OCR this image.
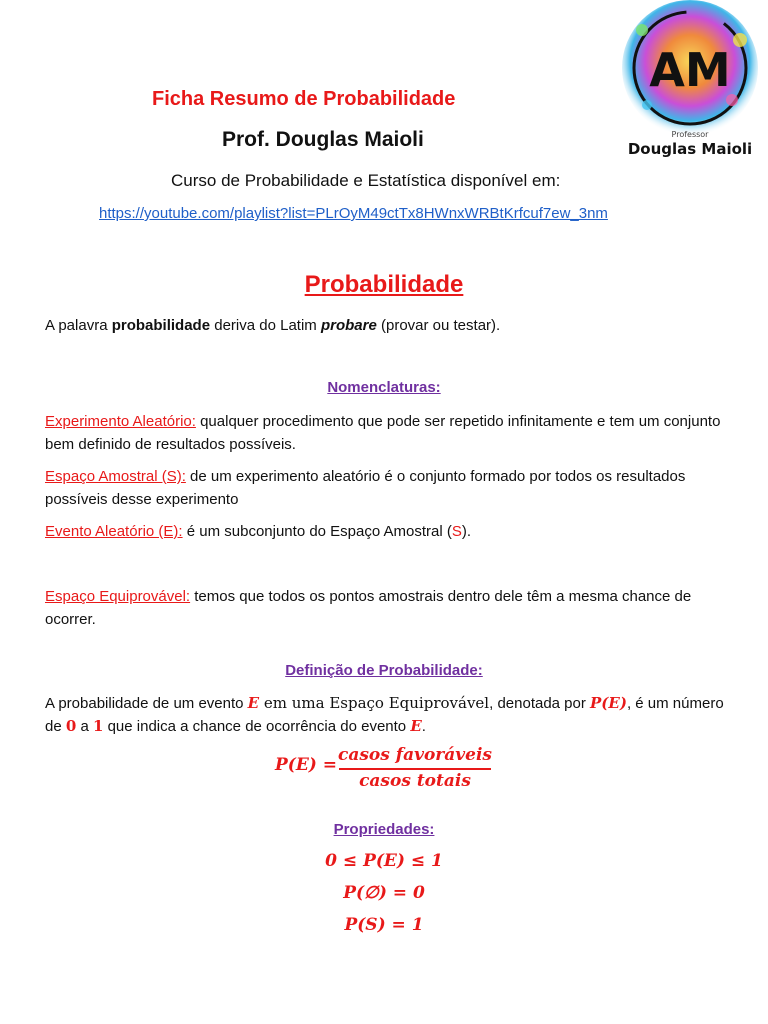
AM
Professor
Douglas Maioli
Ficha Resumo de Probabilidade
Prof. Douglas Maioli
Curso de Probabilidade e Estatística disponível em:
https://youtube.com/playlist?list=PLrOyM49ctTx8HWnxWRBtKrfcuf7ew_3nm
Probabilidade
A palavra probabilidade deriva do Latim probare (provar ou testar).
Nomenclaturas:
Experimento Aleatório: qualquer procedimento que pode ser repetido infinitamente e tem um conjunto bem definido de resultados possíveis.
Espaço Amostral (S): de um experimento aleatório é o conjunto formado por todos os resultados possíveis desse experimento
Evento Aleatório (E): é um subconjunto do Espaço Amostral (S).
Espaço Equiprovável: temos que todos os pontos amostrais dentro dele têm a mesma chance de ocorrer.
Definição de Probabilidade:
A probabilidade de um evento E em uma Espaço Equiprovável, denotada por P(E), é um número de 0 a 1 que indica a chance de ocorrência do evento E.
P(E) = casos favoráveis
casos totais
Propriedades:
0 ≤ P(E) ≤ 1
P(∅) = 0
P(S) = 1
